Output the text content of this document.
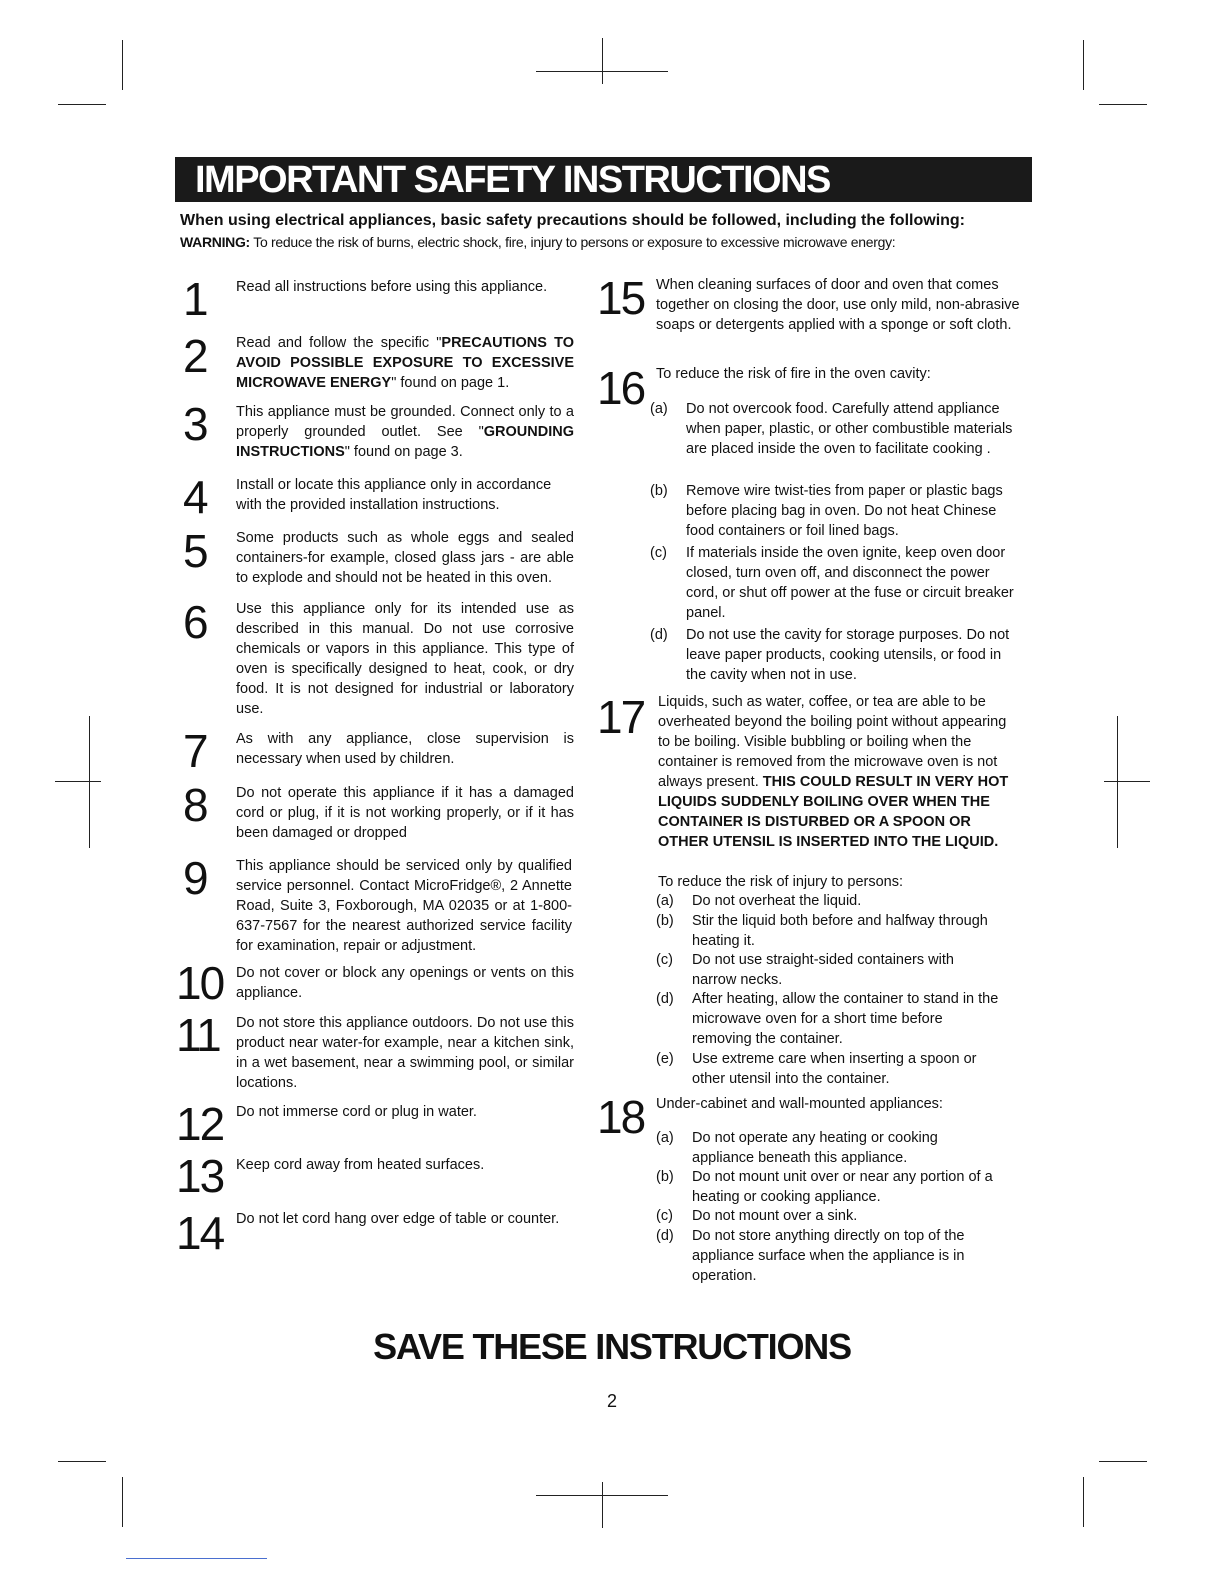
IMPORTANT SAFETY INSTRUCTIONS
When using electrical appliances, basic safety precautions should be followed, including the following:
WARNING: To reduce the risk of burns, electric shock, fire, injury to persons or exposure to excessive microwave energy:
1 Read all instructions before using this appliance.
2 Read and follow the specific "PRECAUTIONS TO AVOID POSSIBLE EXPOSURE TO EXCESSIVE MICROWAVE ENERGY" found on page 1.
3 This appliance must be grounded. Connect only to a properly grounded outlet. See "GROUNDING INSTRUCTIONS" found on page 3.
4 Install or locate this appliance only in accordance with the provided installation instructions.
5 Some products such as whole eggs and sealed containers-for example, closed glass jars - are able to explode and should not be heated in this oven.
6 Use this appliance only for its intended use as described in this manual. Do not use corrosive chemicals or vapors in this appliance. This type of oven is specifically designed to heat, cook, or dry food. It is not designed for industrial or laboratory use.
7 As with any appliance, close supervision is necessary when used by children.
8 Do not operate this appliance if it has a damaged cord or plug, if it is not working properly, or if it has been damaged or dropped
9 This appliance should be serviced only by qualified service personnel. Contact MicroFridge®, 2 Annette Road, Suite 3, Foxborough, MA 02035 or at 1-800-637-7567 for the nearest authorized service facility for examination, repair or adjustment.
10 Do not cover or block any openings or vents on this appliance.
11 Do not store this appliance outdoors. Do not use this product near water-for example, near a kitchen sink, in a wet basement, near a swimming pool, or similar locations.
12 Do not immerse cord or plug in water.
13 Keep cord away from heated surfaces.
14 Do not let cord hang over edge of table or counter.
15 When cleaning surfaces of door and oven that comes together on closing the door, use only mild, non-abrasive soaps or detergents applied with a sponge or soft cloth.
16 To reduce the risk of fire in the oven cavity:
(a) Do not overcook food. Carefully attend appliance when paper, plastic, or other combustible materials are placed inside the oven to facilitate cooking .
(b) Remove wire twist-ties from paper or plastic bags before placing bag in oven. Do not heat Chinese food containers or foil lined bags.
(c) If materials inside the oven ignite, keep oven door closed, turn oven off, and disconnect the power cord, or shut off power at the fuse or circuit breaker panel.
(d) Do not use the cavity for storage purposes. Do not leave paper products, cooking utensils, or food in the cavity when not in use.
17 Liquids, such as water, coffee, or tea are able to be overheated beyond the boiling point without appearing to be boiling. Visible bubbling or boiling when the container is removed from the microwave oven is not always present. THIS COULD RESULT IN VERY HOT LIQUIDS SUDDENLY BOILING OVER WHEN THE CONTAINER IS DISTURBED OR A SPOON OR OTHER UTENSIL IS INSERTED INTO THE LIQUID.
To reduce the risk of injury to persons:
(a) Do not overheat the liquid.
(b) Stir the liquid both before and halfway through heating it.
(c) Do not use straight-sided containers with narrow necks.
(d) After heating, allow the container to stand in the microwave oven for a short time before removing the container.
(e) Use extreme care when inserting a spoon or other utensil into the container.
18 Under-cabinet and wall-mounted appliances:
(a) Do not operate any heating or cooking appliance beneath this appliance.
(b) Do not mount unit over or near any portion of a heating or cooking appliance.
(c) Do not mount over a sink.
(d) Do not store anything directly on top of the appliance surface when the appliance is in operation.
SAVE THESE INSTRUCTIONS
2
